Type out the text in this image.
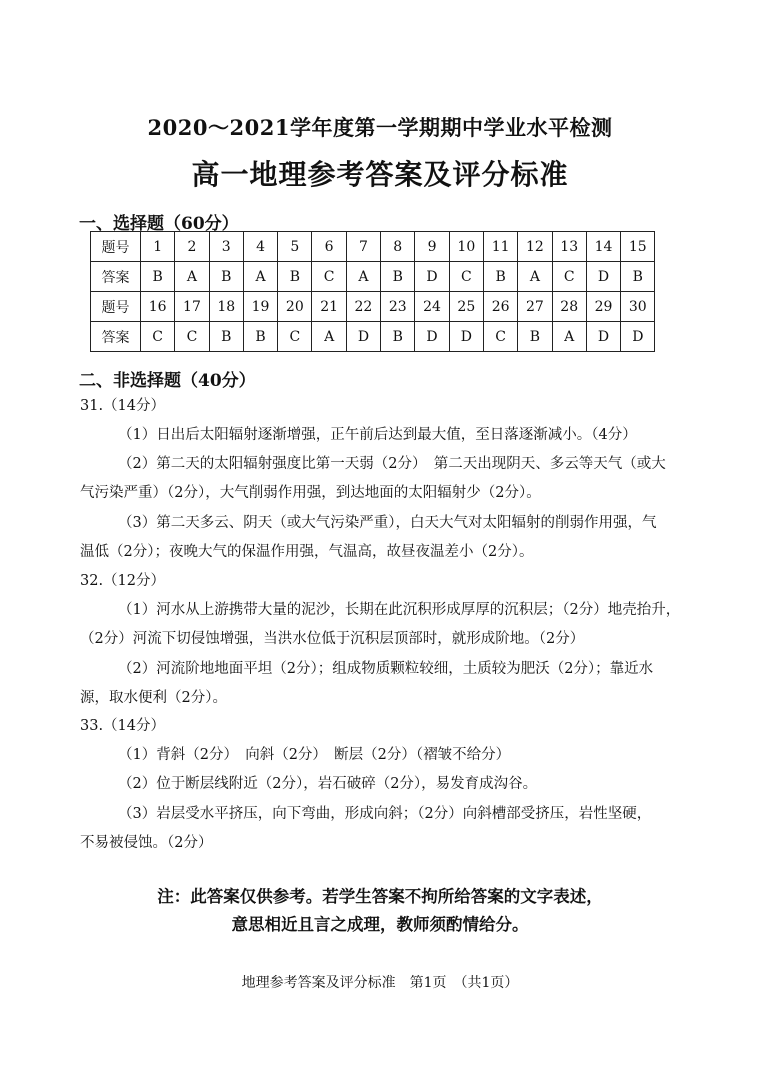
2020～2021学年度第一学期期中学业水平检测
高一地理参考答案及评分标准
一、选择题（60分）
题号	1	2	3	4	5	6	7	8	9	10	11	12	13	14	15
答案	B	A	B	A	B	C	A	B	D	C	B	A	C	D	B
题号	16	17	18	19	20	21	22	23	24	25	26	27	28	29	30
答案	C	C	B	B	C	A	D	B	D	D	C	B	A	D	D
二、非选择题（40分）
31.（14分）
（1）日出后太阳辐射逐渐增强，正午前后达到最大值，至日落逐渐减小。（4分）
（2）第二天的太阳辐射强度比第一天弱（2分）　第二天出现阴天、多云等天气（或大
气污染严重）（2分），大气削弱作用强，到达地面的太阳辐射少（2分）。
（3）第二天多云、阴天（或大气污染严重），白天大气对太阳辐射的削弱作用强，气
温低（2分）；夜晚大气的保温作用强，气温高，故昼夜温差小（2分）。
32.（12分）
（1）河水从上游携带大量的泥沙，长期在此沉积形成厚厚的沉积层；（2分）地壳抬升，
（2分）河流下切侵蚀增强，当洪水位低于沉积层顶部时，就形成阶地。（2分）
（2）河流阶地地面平坦（2分）；组成物质颗粒较细，土质较为肥沃（2分）；靠近水
源，取水便利（2分）。
33.（14分）
（1）背斜（2分）　向斜（2分）　断层（2分）（褶皱不给分）
（2）位于断层线附近（2分），岩石破碎（2分），易发育成沟谷。
（3）岩层受水平挤压，向下弯曲，形成向斜；（2分）向斜槽部受挤压，岩性坚硬，
不易被侵蚀。（2分）
注：此答案仅供参考。若学生答案不拘所给答案的文字表述，
意思相近且言之成理，教师须酌情给分。
地理参考答案及评分标准　第1页　（共1页）
